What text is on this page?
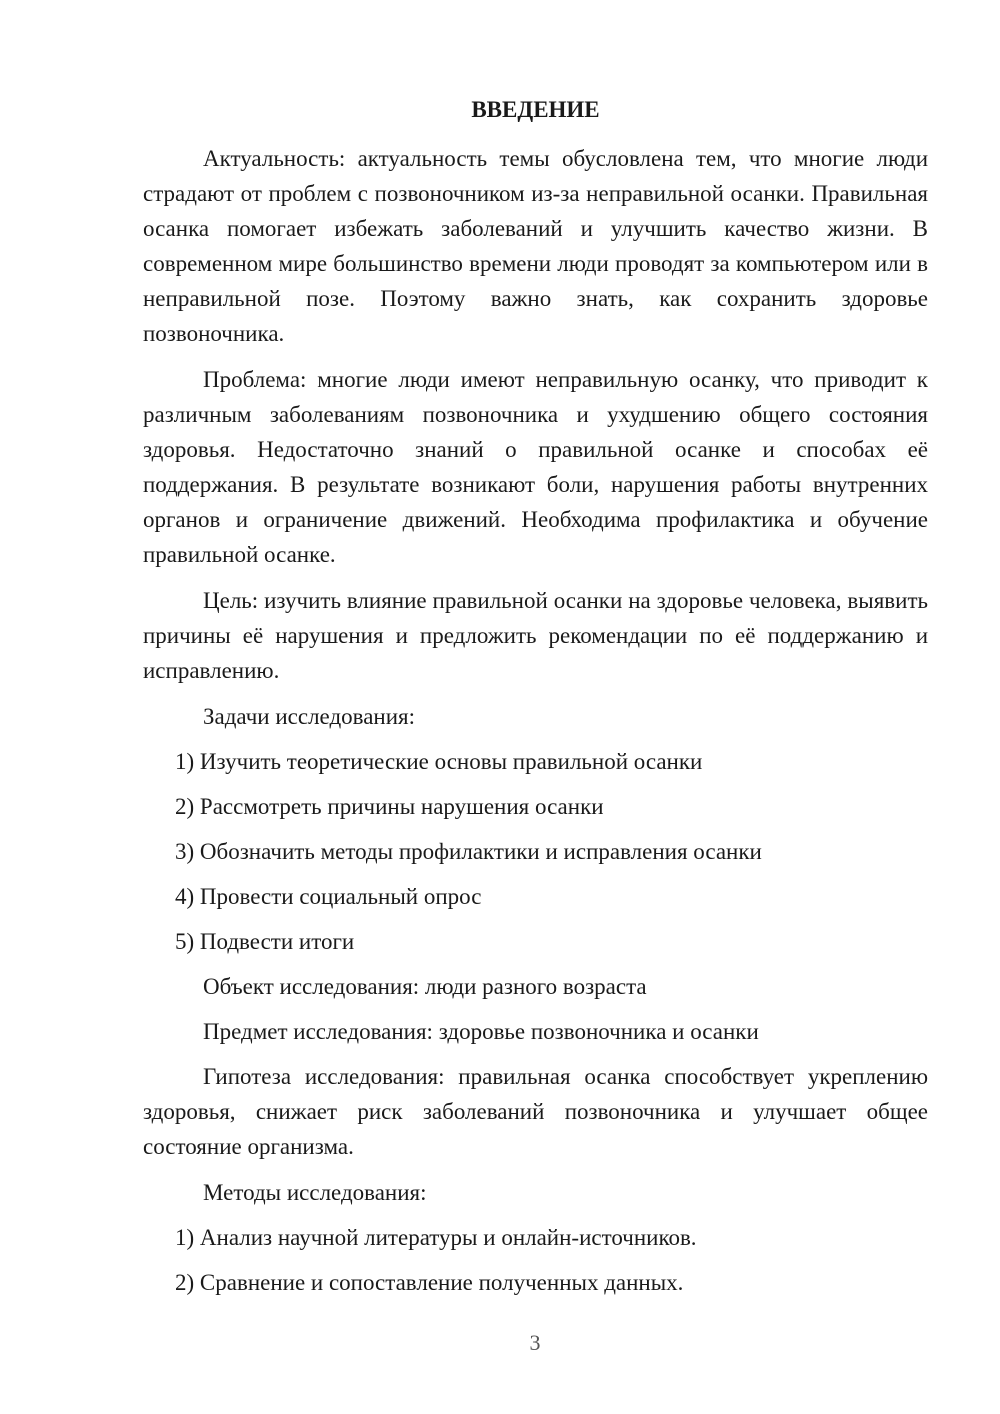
ВВЕДЕНИЕ

Актуальность: актуальность темы обусловлена тем, что многие люди страдают от проблем с позвоночником из-за неправильной осанки. Правильная осанка помогает избежать заболеваний и улучшить качество жизни. В современном мире большинство времени люди проводят за компьютером или в неправильной позе. Поэтому важно знать, как сохранить здоровье позвоночника.

Проблема: многие люди имеют неправильную осанку, что приводит к различным заболеваниям позвоночника и ухудшению общего состояния здоровья. Недостаточно знаний о правильной осанке и способах её поддержания. В результате возникают боли, нарушения работы внутренних органов и ограничение движений. Необходима профилактика и обучение правильной осанке.

Цель: изучить влияние правильной осанки на здоровье человека, выявить причины её нарушения и предложить рекомендации по её поддержанию и исправлению.

Задачи исследования:
1) Изучить теоретические основы правильной осанки
2) Рассмотреть причины нарушения осанки
3) Обозначить методы профилактики и исправления осанки
4) Провести социальный опрос
5) Подвести итоги
Объект исследования: люди разного возраста
Предмет исследования: здоровье позвоночника и осанки

Гипотеза исследования: правильная осанка способствует укреплению здоровья, снижает риск заболеваний позвоночника и улучшает общее состояние организма.

Методы исследования:
1) Анализ научной литературы и онлайн-источников.
2) Сравнение и сопоставление полученных данных.
3
